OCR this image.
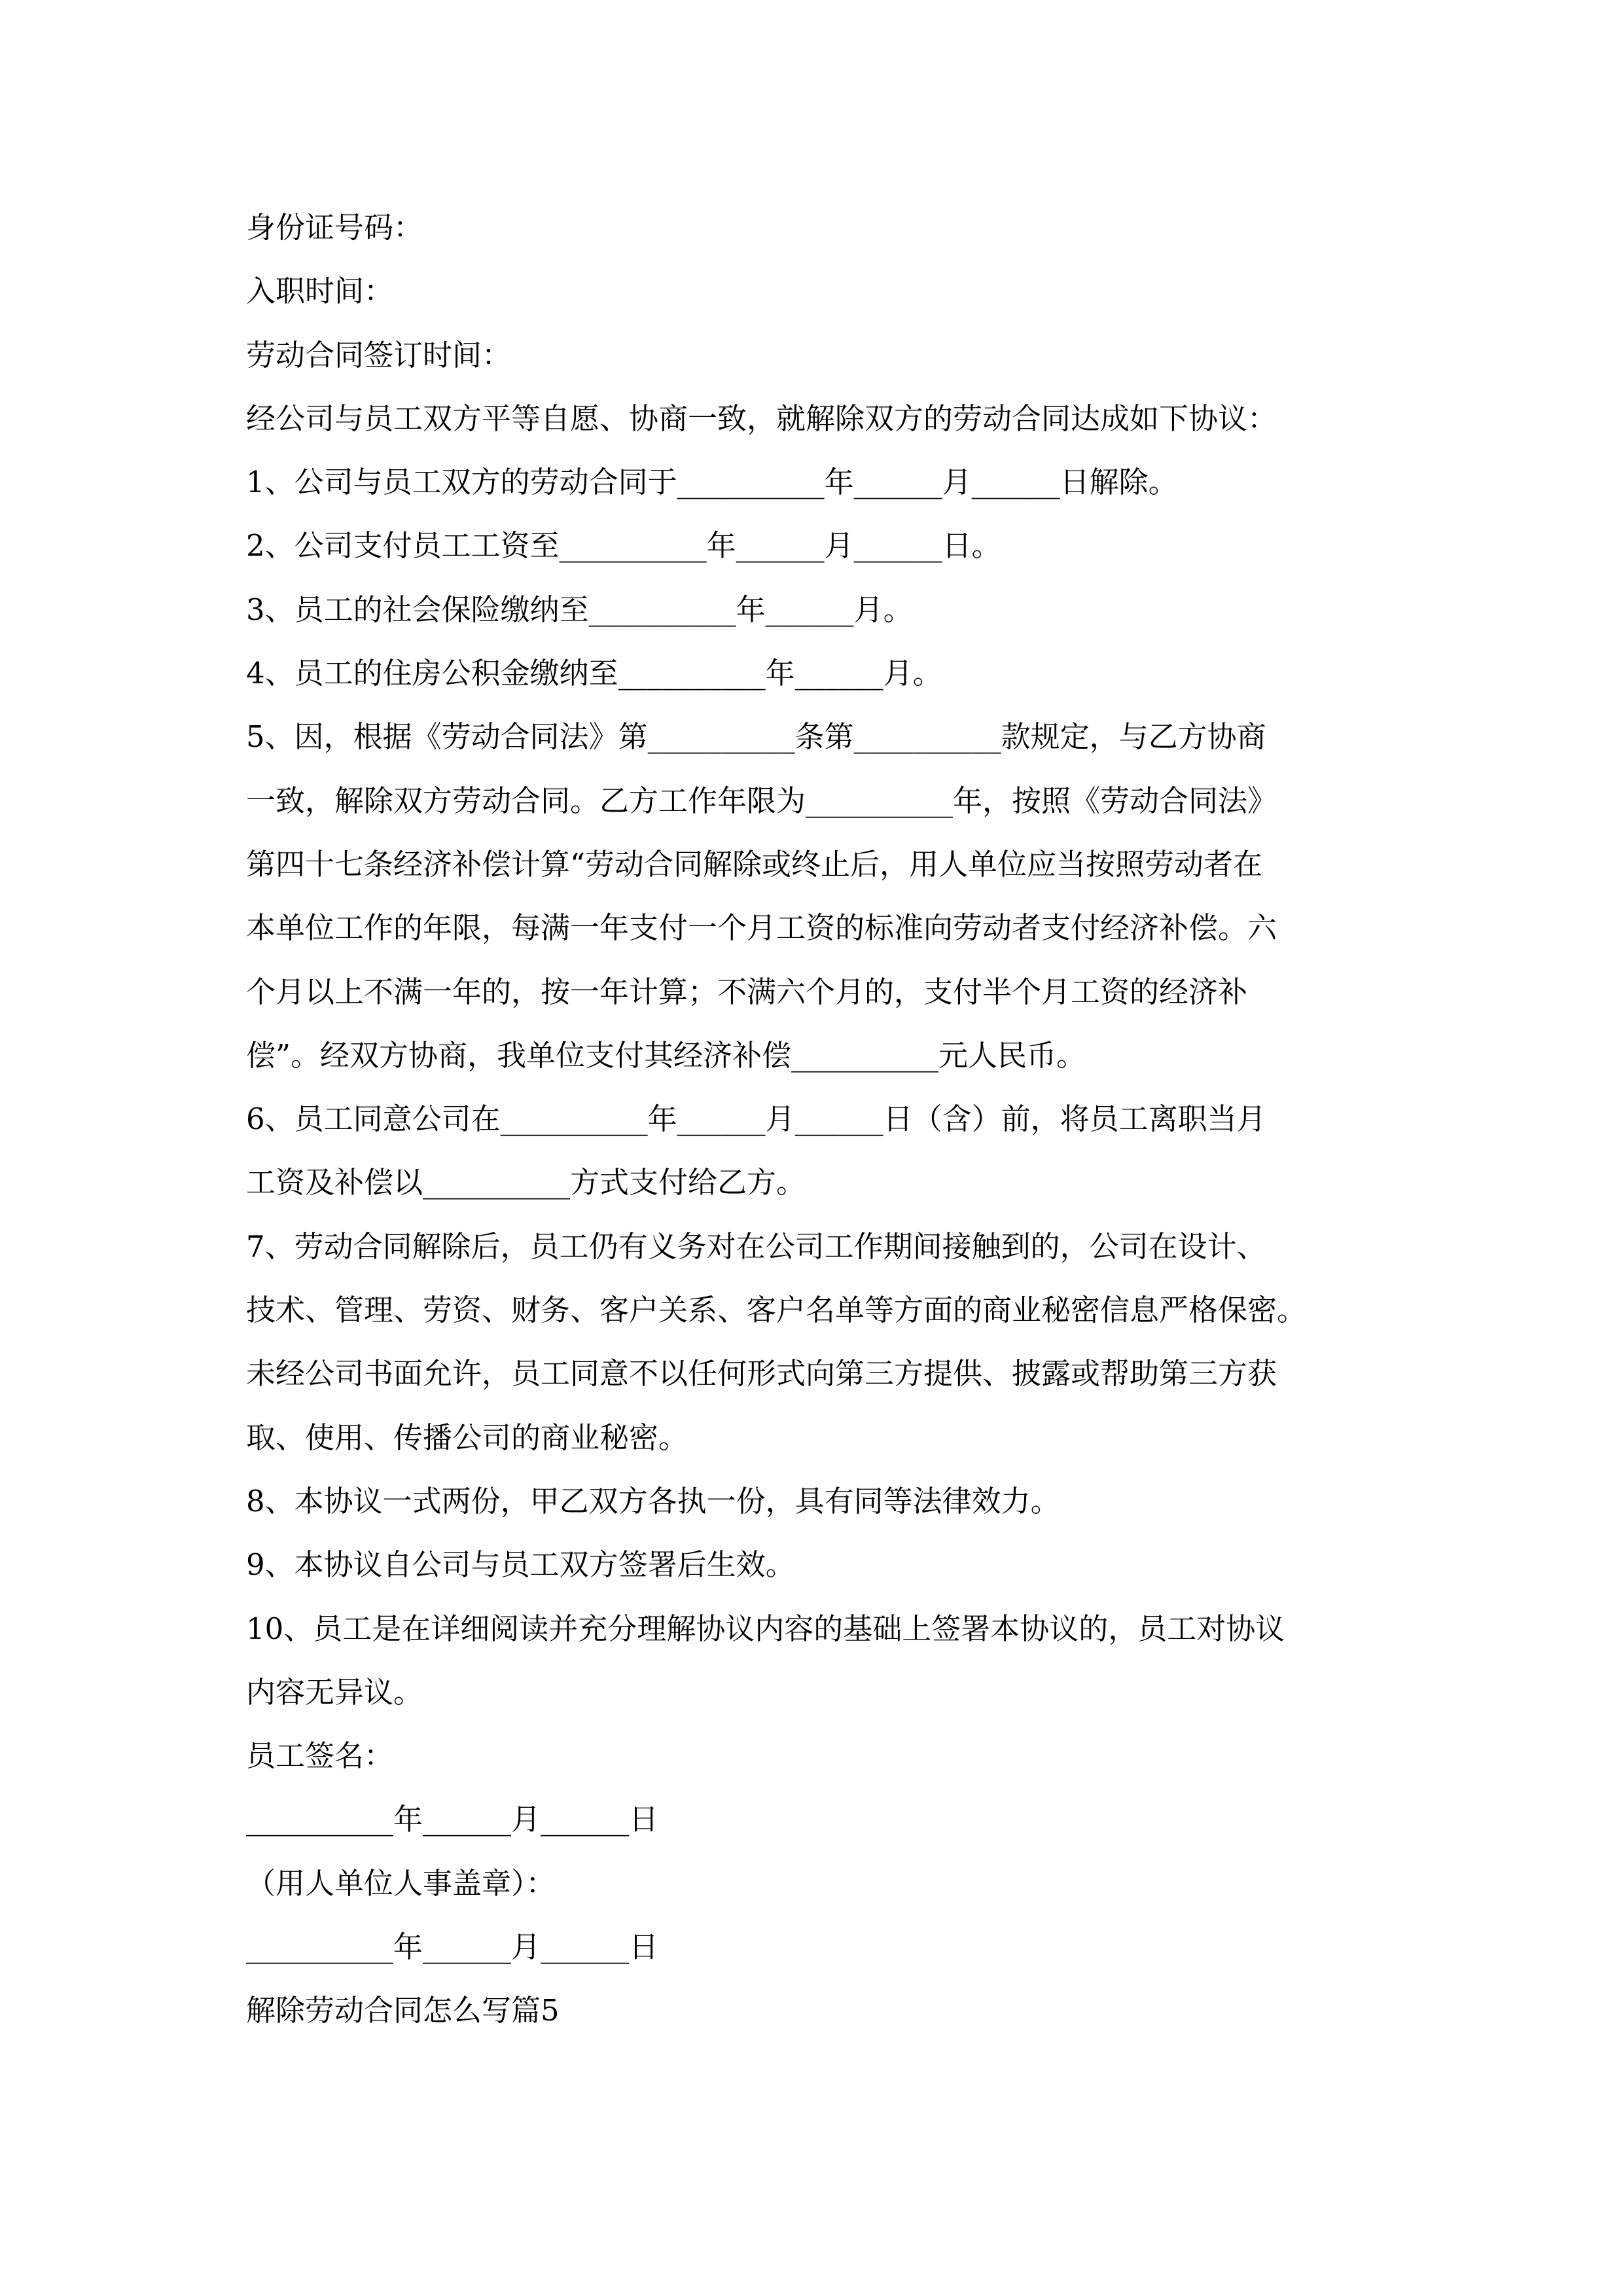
身份证号码：
入职时间：
劳动合同签订时间：
经公司与员工双方平等自愿、协商一致，就解除双方的劳动合同达成如下协议：
1、公司与员工双方的劳动合同于__________年______月______日解除。
2、公司支付员工工资至__________年______月______日。
3、员工的社会保险缴纳至__________年______月。
4、员工的住房公积金缴纳至__________年______月。
5、因，根据《劳动合同法》第__________条第__________款规定，与乙方协商
一致，解除双方劳动合同。乙方工作年限为__________年，按照《劳动合同法》
第四十七条经济补偿计算“劳动合同解除或终止后，用人单位应当按照劳动者在
本单位工作的年限，每满一年支付一个月工资的标准向劳动者支付经济补偿。六
个月以上不满一年的，按一年计算；不满六个月的，支付半个月工资的经济补
偿”。经双方协商，我单位支付其经济补偿__________元人民币。
6、员工同意公司在__________年______月______日（含）前，将员工离职当月
工资及补偿以__________方式支付给乙方。
7、劳动合同解除后，员工仍有义务对在公司工作期间接触到的，公司在设计、
技术、管理、劳资、财务、客户关系、客户名单等方面的商业秘密信息严格保密。
未经公司书面允许，员工同意不以任何形式向第三方提供、披露或帮助第三方获
取、使用、传播公司的商业秘密。
8、本协议一式两份，甲乙双方各执一份，具有同等法律效力。
9、本协议自公司与员工双方签署后生效。
10、员工是在详细阅读并充分理解协议内容的基础上签署本协议的，员工对协议
内容无异议。
员工签名：
__________年______月______日
（用人单位人事盖章）：
__________年______月______日
解除劳动合同怎么写篇5
